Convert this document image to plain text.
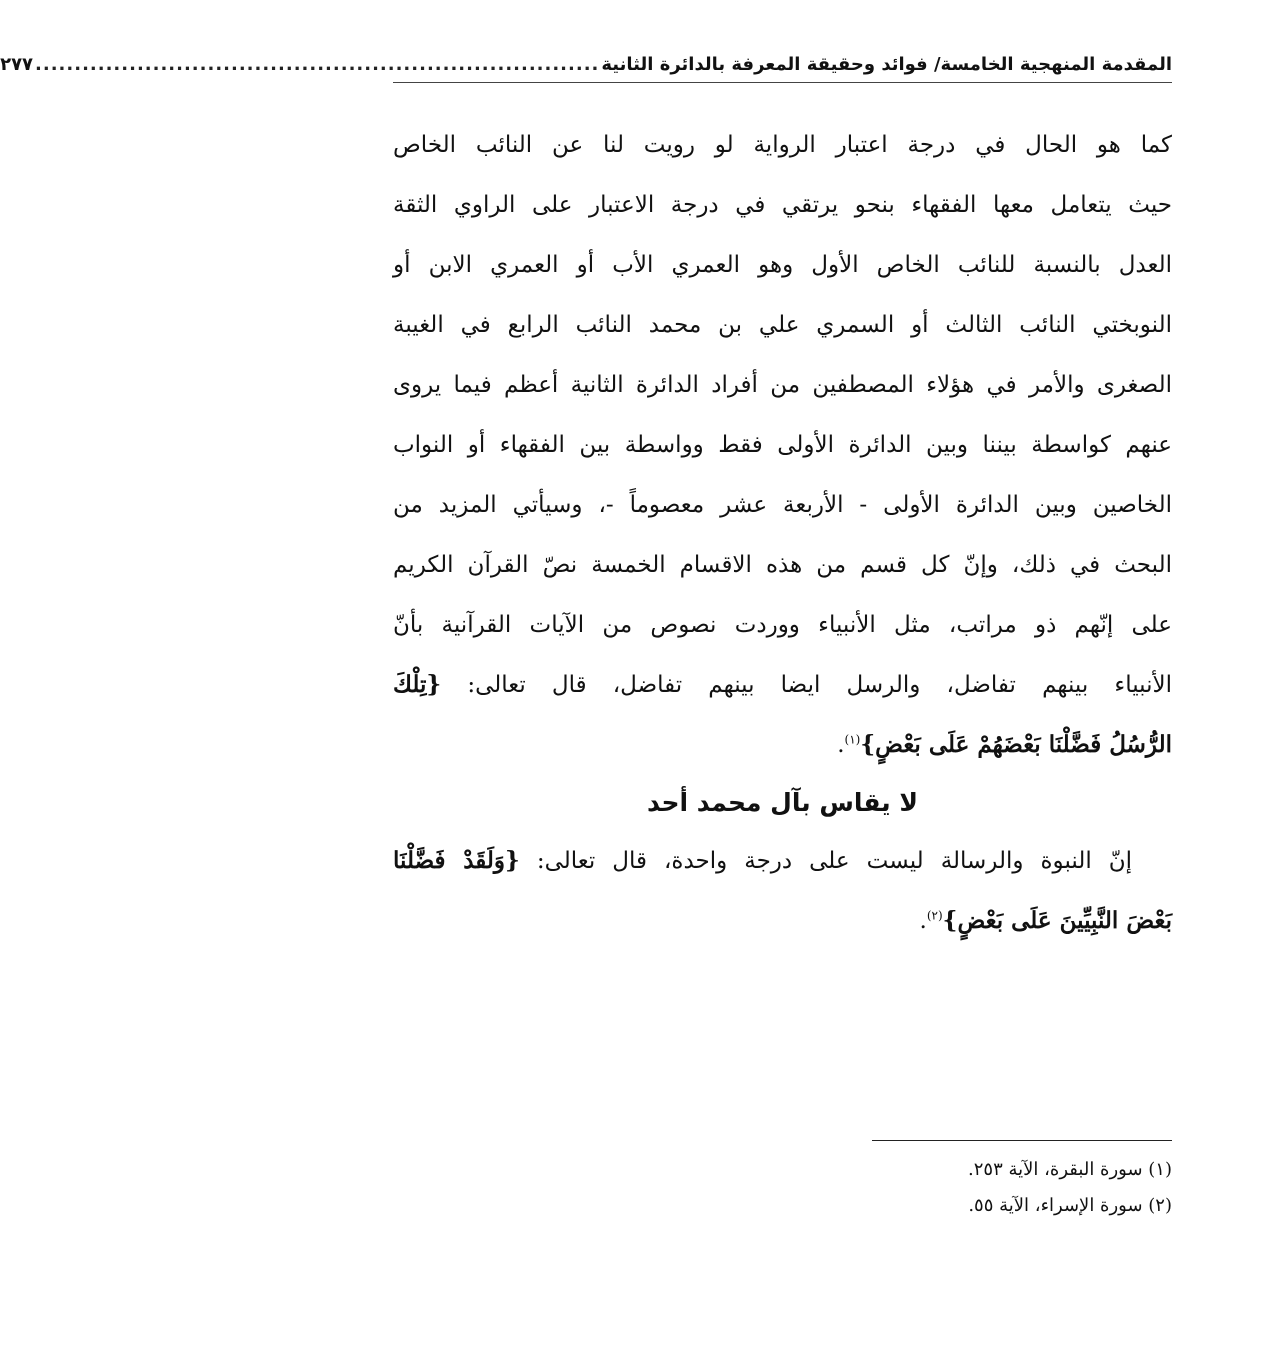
المقدمة المنهجية الخامسة/ فوائد وحقيقة المعرفة بالدائرة الثانية
........................................................................
٢٧٧
كما هو الحال في درجة اعتبار الرواية لو رويت لنا عن النائب الخاص
حيث يتعامل معها الفقهاء بنحو يرتقي في درجة الاعتبار على الراوي الثقة
العدل بالنسبة للنائب الخاص الأول وهو العمري الأب أو العمري الابن أو
النوبختي النائب الثالث أو السمري علي بن محمد النائب الرابع في الغيبة
الصغرى والأمر في هؤلاء المصطفين من أفراد الدائرة الثانية أعظم فيما يروى
عنهم كواسطة بيننا وبين الدائرة الأولى فقط وواسطة بين الفقهاء أو النواب
الخاصين وبين الدائرة الأولى - الأربعة عشر معصوماً -، وسيأتي المزيد من
البحث في ذلك، وإنّ كل قسم من هذه الاقسام الخمسة نصّ القرآن الكريم
على إنّهم ذو مراتب، مثل الأنبياء ووردت نصوص من الآيات القرآنية بأنّ
الأنبياء بينهم تفاضل، والرسل ايضا بينهم تفاضل، قال تعالى: {تِلْكَ
الرُّسُلُ فَضَّلْنَا بَعْضَهُمْ عَلَى بَعْضٍ}$^{(١)}$.
لا يقاس بآل محمد أحد
إنّ النبوة والرسالة ليست على درجة واحدة، قال تعالى: {وَلَقَدْ فَضَّلْنَا
بَعْضَ النَّبِيِّينَ عَلَى بَعْضٍ}$^{(٢)}$.
(١) سورة البقرة، الآية ٢٥٣.
(٢) سورة الإسراء، الآية ٥٥.
